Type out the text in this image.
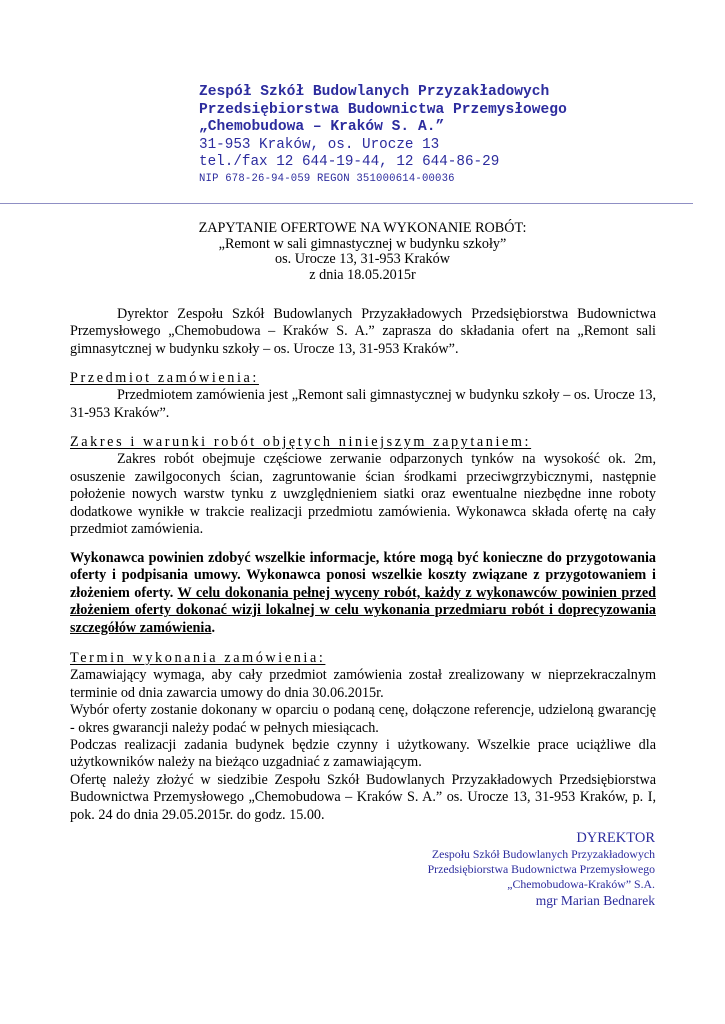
Zespół Szkół Budowlanych Przyzakładowych
Przedsiębiorstwa Budownictwa Przemysłowego
„Chemobudowa – Kraków S. A.”
31-953 Kraków, os. Urocze 13
tel./fax 12 644-19-44, 12 644-86-29
NIP 678-26-94-059 REGON 351000614-00036
ZAPYTANIE OFERTOWE NA WYKONANIE ROBÓT:
„Remont w sali gimnastycznej w budynku szkoły”
os. Urocze 13, 31-953 Kraków
z dnia 18.05.2015r

Dyrektor Zespołu Szkół Budowlanych Przyzakładowych Przedsiębiorstwa Budownictwa Przemysłowego „Chemobudowa – Kraków S. A.” zaprasza do składania ofert na „Remont sali gimnasytcznej w budynku szkoły – os. Urocze 13, 31-953 Kraków”.

Przedmiot zamówienia:

Przedmiotem zamówienia jest „Remont sali gimnastycznej w budynku szkoły – os. Urocze 13, 31-953 Kraków”.

Zakres i warunki robót objętych niniejszym zapytaniem:

Zakres robót obejmuje częściowe zerwanie odparzonych tynków na wysokość ok. 2m, osuszenie zawilgoconych ścian, zagruntowanie ścian środkami przeciwgrzybicznymi, następnie położenie nowych warstw tynku z uwzględnieniem siatki oraz ewentualne niezbędne inne roboty dodatkowe wynikłe w trakcie realizacji przedmiotu zamówienia. Wykonawca składa ofertę na cały przedmiot zamówienia.

Wykonawca powinien zdobyć wszelkie informacje, które mogą być konieczne do przygotowania oferty i podpisania umowy. Wykonawca ponosi wszelkie koszty związane z przygotowaniem i złożeniem oferty. W celu dokonania pełnej wyceny robót, każdy z wykonawców powinien przed złożeniem oferty dokonać wizji lokalnej w celu wykonania przedmiaru robót i doprecyzowania szczegółów zamówienia.

Termin wykonania zamówienia:

Zamawiający wymaga, aby cały przedmiot zamówienia został zrealizowany w nieprzekraczalnym terminie od dnia zawarcia umowy do dnia 30.06.2015r.

Wybór oferty zostanie dokonany w oparciu o podaną cenę, dołączone referencje, udzieloną gwarancję - okres gwarancji należy podać w pełnych miesiącach.

Podczas realizacji zadania budynek będzie czynny i użytkowany. Wszelkie prace uciążliwe dla użytkowników należy na bieżąco uzgadniać z zamawiającym.

Ofertę należy złożyć w siedzibie Zespołu Szkół Budowlanych Przyzakładowych Przedsiębiorstwa Budownictwa Przemysłowego „Chemobudowa – Kraków S. A.” os. Urocze 13, 31-953 Kraków, p. I, pok. 24 do dnia 29.05.2015r. do godz. 15.00.

DYREKTOR
Zespołu Szkół Budowlanych Przyzakładowych
Przedsiębiorstwa Budownictwa Przemysłowego
„Chemobudowa-Kraków” S.A.
mgr Marian Bednarek
